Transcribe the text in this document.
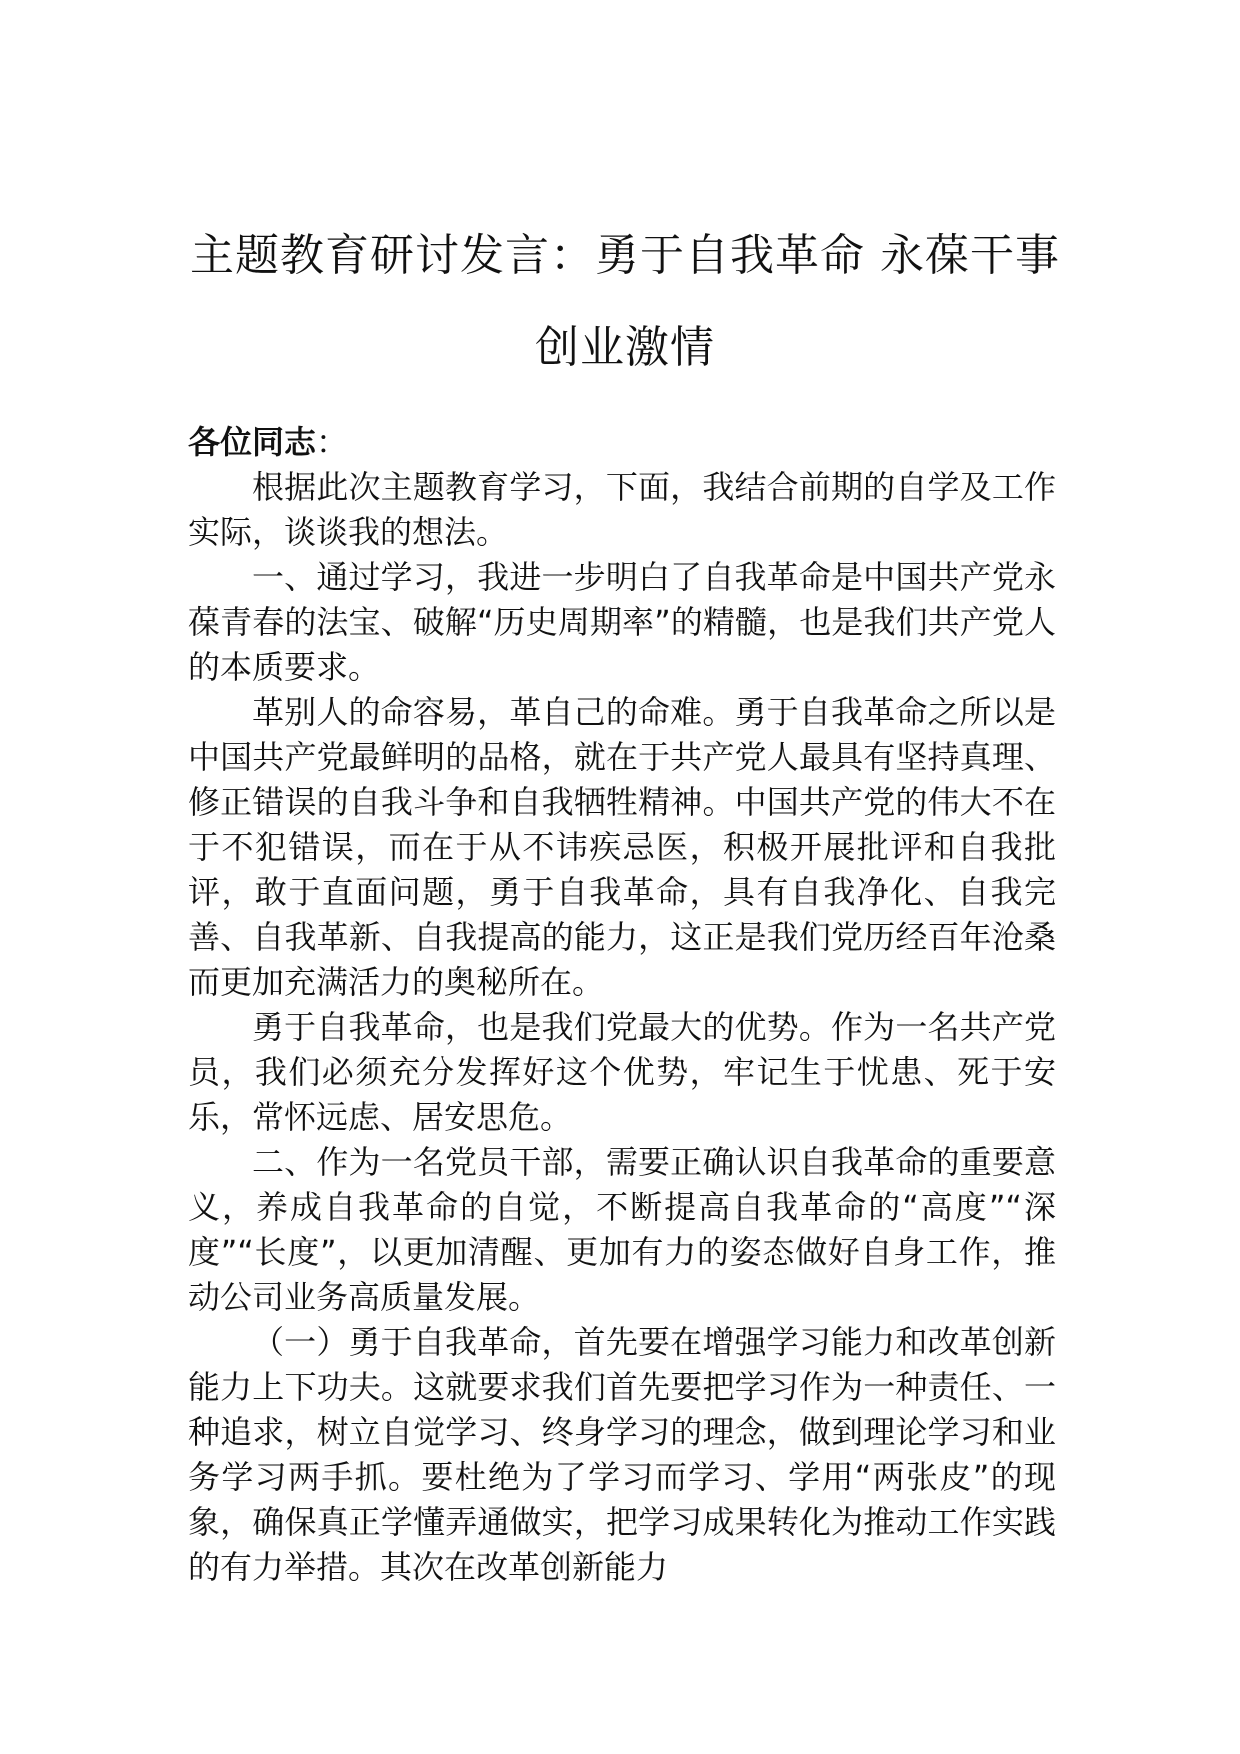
主题教育研讨发言：勇于自我革命 永葆干事创业激情

各位同志：

根据此次主题教育学习，下面，我结合前期的自学及工作实际，谈谈我的想法。

一、通过学习，我进一步明白了自我革命是中国共产党永葆青春的法宝、破解“历史周期率”的精髓，也是我们共产党人的本质要求。

革别人的命容易，革自己的命难。勇于自我革命之所以是中国共产党最鲜明的品格，就在于共产党人最具有坚持真理、修正错误的自我斗争和自我牺牲精神。中国共产党的伟大不在于不犯错误，而在于从不讳疾忌医，积极开展批评和自我批评，敢于直面问题，勇于自我革命，具有自我净化、自我完善、自我革新、自我提高的能力，这正是我们党历经百年沧桑而更加充满活力的奥秘所在。

勇于自我革命，也是我们党最大的优势。作为一名共产党员，我们必须充分发挥好这个优势，牢记生于忧患、死于安乐，常怀远虑、居安思危。

二、作为一名党员干部，需要正确认识自我革命的重要意义，养成自我革命的自觉，不断提高自我革命的“高度”“深度”“长度”，以更加清醒、更加有力的姿态做好自身工作，推动公司业务高质量发展。

（一）勇于自我革命，首先要在增强学习能力和改革创新能力上下功夫。这就要求我们首先要把学习作为一种责任、一种追求，树立自觉学习、终身学习的理念，做到理论学习和业务学习两手抓。要杜绝为了学习而学习、学用“两张皮”的现象，确保真正学懂弄通做实，把学习成果转化为推动工作实践的有力举措。其次在改革创新能力
